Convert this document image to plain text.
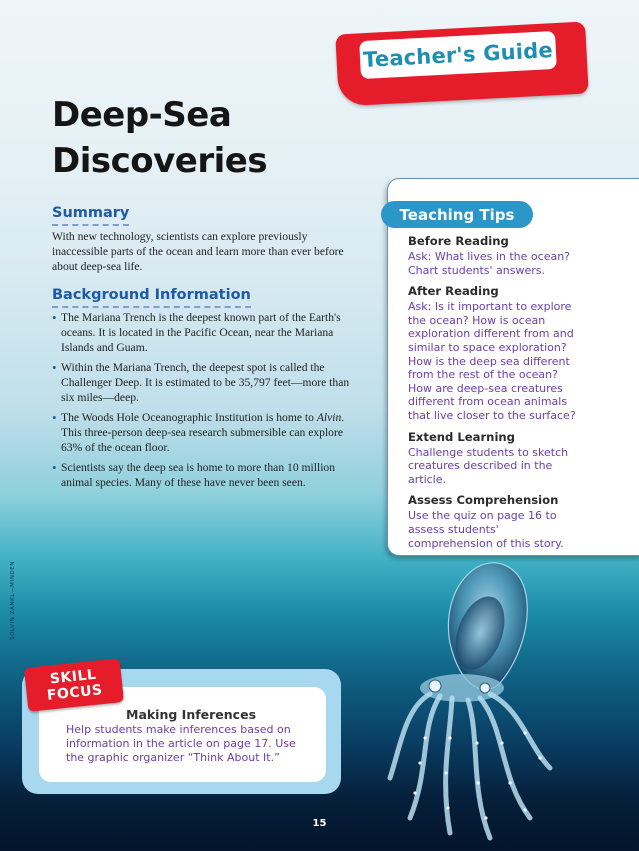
Teacher's Guide
Deep-Sea
Discoveries
Summary

With new technology, scientists can explore previously inaccessible parts of the ocean and learn more than ever before about deep-sea life.

Background Information
• The Mariana Trench is the deepest known part of the Earth's oceans. It is located in the Pacific Ocean, near the Mariana Islands and Guam.
• Within the Mariana Trench, the deepest spot is called the Challenger Deep. It is estimated to be 35,797 feet—more than six miles—deep.
• The Woods Hole Oceanographic Institution is home to Alvin. This three-person deep-sea research submersible can explore 63% of the ocean floor.
• Scientists say the deep sea is home to more than 10 million animal species. Many of these have never been seen.
Teaching Tips

Before Reading

Ask: What lives in the ocean? Chart students' answers.

After Reading

Ask: Is it important to explore the ocean? How is ocean exploration different from and similar to space exploration? How is the deep sea different from the rest of the ocean? How are deep-sea creatures different from ocean animals that live closer to the surface?

Extend Learning

Challenge students to sketch creatures described in the article.

Assess Comprehension

Use the quiz on page 16 to assess students' comprehension of this story.

SOLVIN ZANKL—MINDEN
SKILL
FOCUS

Making Inferences

Help students make inferences based on information in the article on page 17. Use the graphic organizer “Think About It.”

15
